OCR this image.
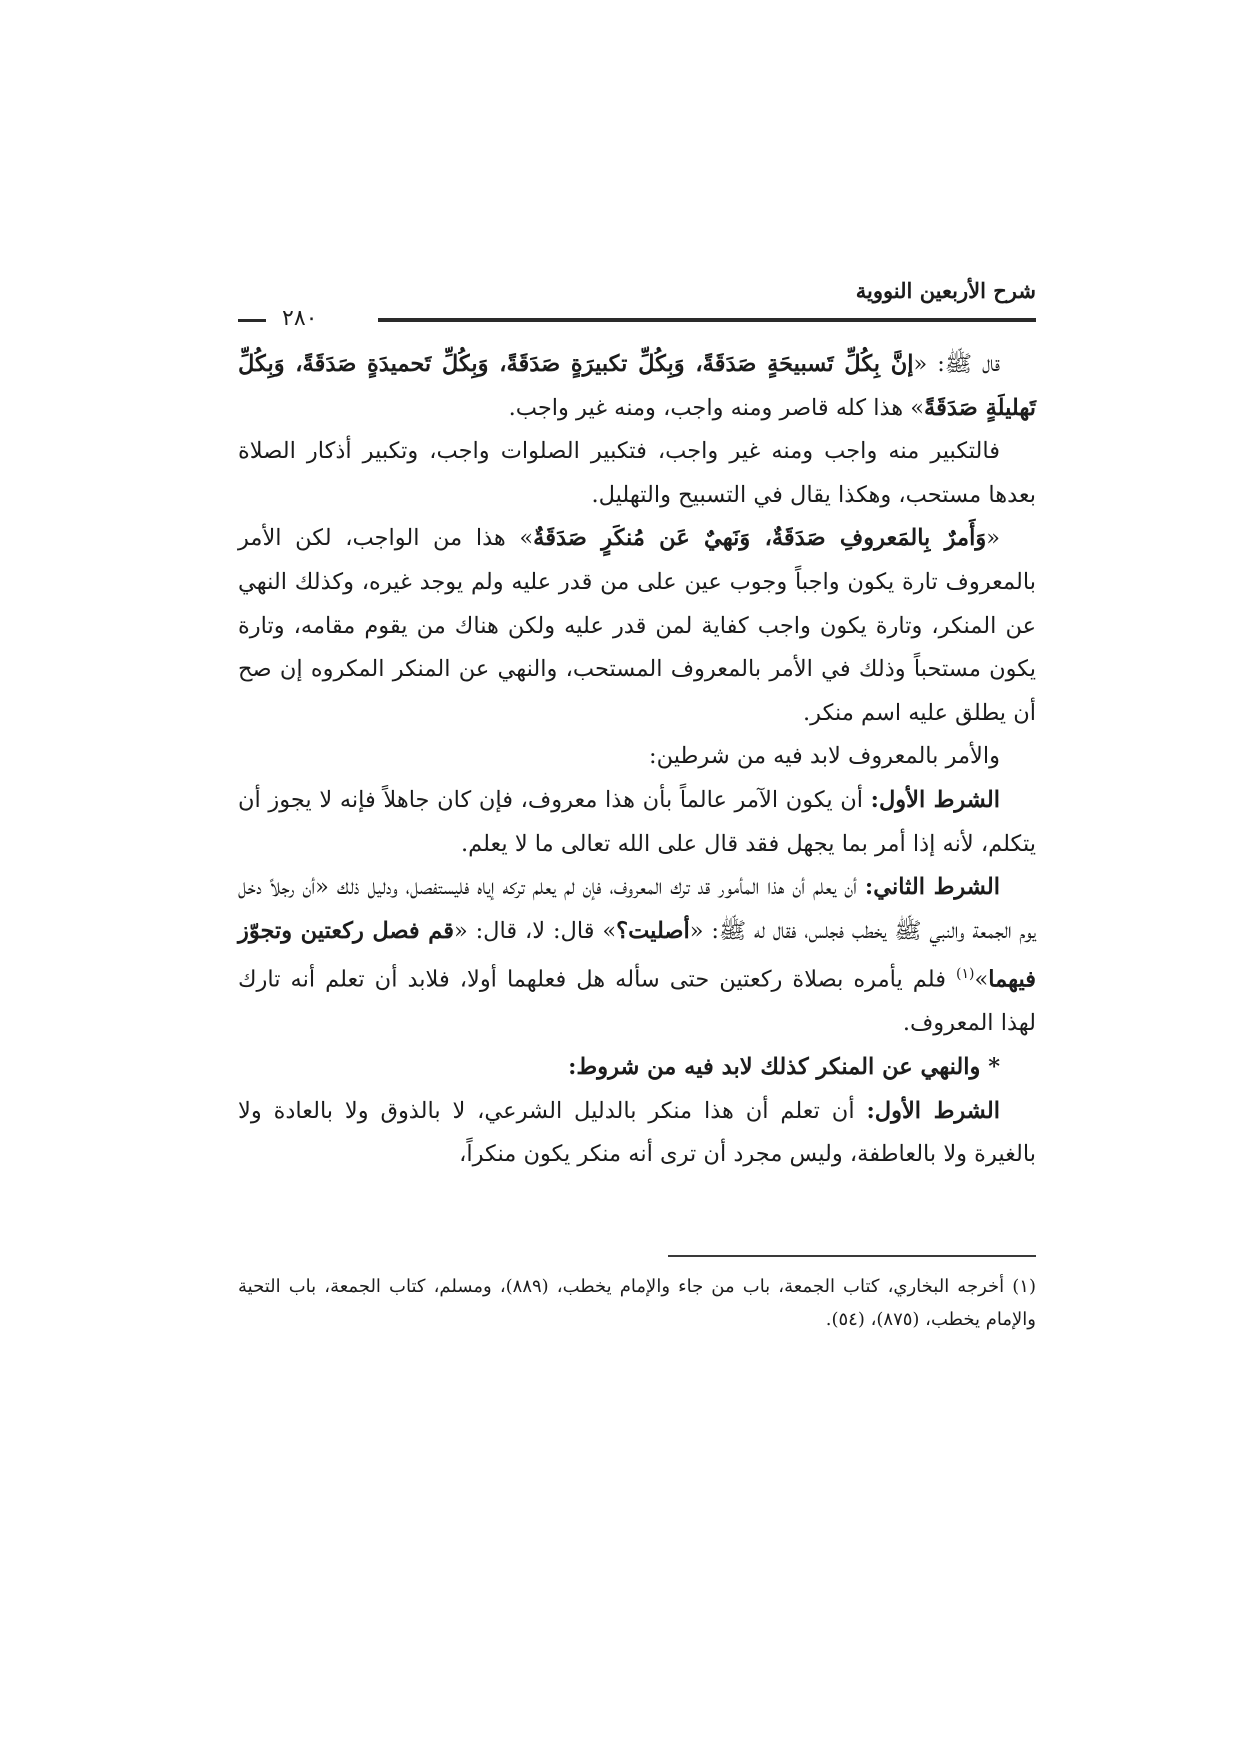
شرح الأربعين النووية
٢٨٠

قال ﷺ: «إنَّ بِكُلِّ تَسبيحَةٍ صَدَقَةً، وَبِكُلِّ تكبيرَةٍ صَدَقَةً، وَبِكُلِّ تَحميدَةٍ صَدَقَةً، وَبِكُلِّ تَهليلَةٍ صَدَقَةً» هذا كله قاصر ومنه واجب، ومنه غير واجب.

فالتكبير منه واجب ومنه غير واجب، فتكبير الصلوات واجب، وتكبير أذكار الصلاة بعدها مستحب، وهكذا يقال في التسبيح والتهليل.

«وَأَمرٌ بِالمَعروفِ صَدَقَةٌ، وَنَهيٌ عَن مُنكَرٍ صَدَقَةٌ» هذا من الواجب، لكن الأمر بالمعروف تارة يكون واجباً وجوب عين على من قدر عليه ولم يوجد غيره، وكذلك النهي عن المنكر، وتارة يكون واجب كفاية لمن قدر عليه ولكن هناك من يقوم مقامه، وتارة يكون مستحباً وذلك في الأمر بالمعروف المستحب، والنهي عن المنكر المكروه إن صح أن يطلق عليه اسم منكر.

والأمر بالمعروف لابد فيه من شرطين:

الشرط الأول: أن يكون الآمر عالماً بأن هذا معروف، فإن كان جاهلاً فإنه لا يجوز أن يتكلم، لأنه إذا أمر بما يجهل فقد قال على الله تعالى ما لا يعلم.

الشرط الثاني: أن يعلم أن هذا المأمور قد ترك المعروف، فإن لم يعلم تركه إياه فليستفصل، ودليل ذلك «أن رجلاً دخل يوم الجمعة والنبي ﷺ يخطب فجلس، فقال له ﷺ: «أصليت؟» قال: لا، قال: «قم فصل ركعتين وتجوّز فيهما»$^{(١)}$ فلم يأمره بصلاة ركعتين حتى سأله هل فعلهما أولا، فلابد أن تعلم أنه تارك لهذا المعروف.

* والنهي عن المنكر كذلك لابد فيه من شروط:

الشرط الأول: أن تعلم أن هذا منكر بالدليل الشرعي، لا بالذوق ولا بالعادة ولا بالغيرة ولا بالعاطفة، وليس مجرد أن ترى أنه منكر يكون منكراً،

(١) أخرجه البخاري، كتاب الجمعة، باب من جاء والإمام يخطب، (٨٨٩)، ومسلم، كتاب الجمعة، باب التحية والإمام يخطب، (٨٧٥)، (٥٤).
